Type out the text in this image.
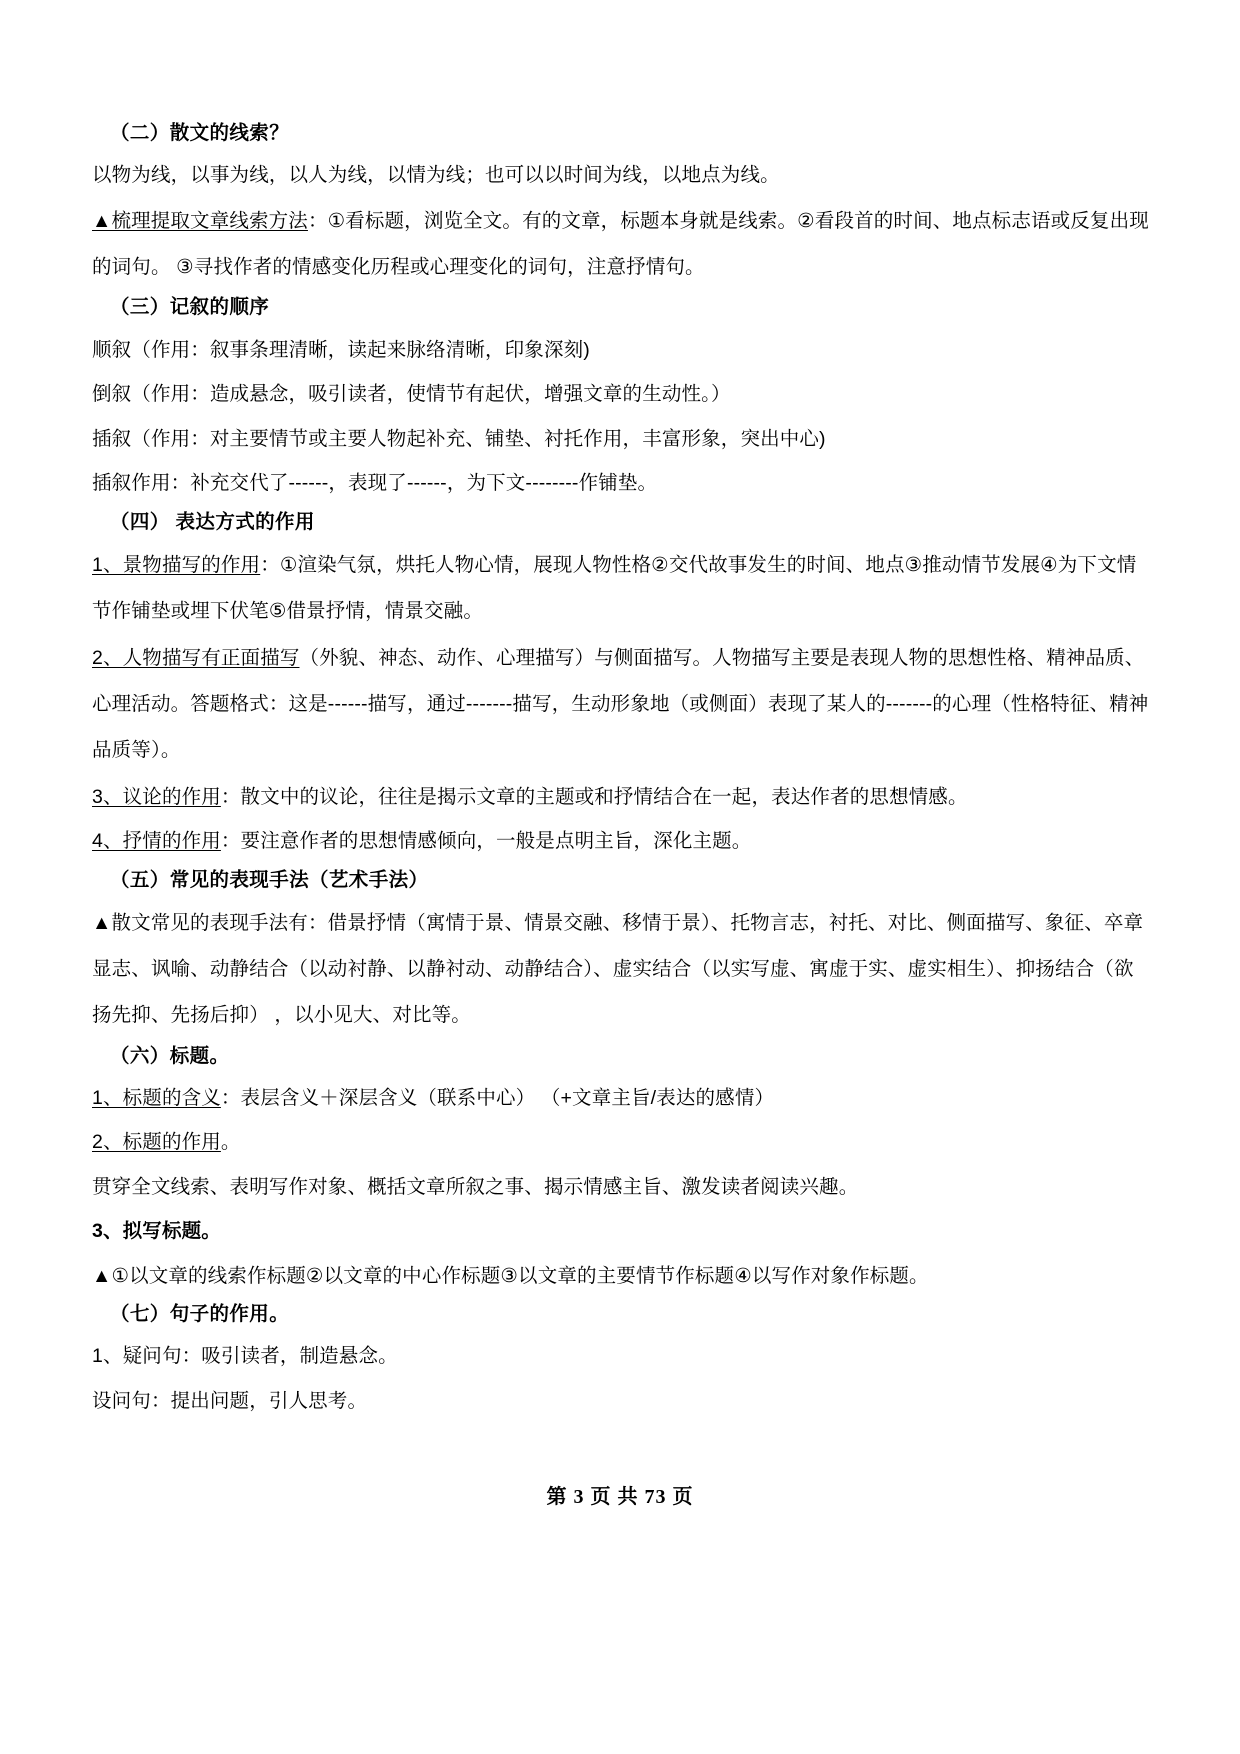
（二）散文的线索？

以物为线，以事为线，以人为线，以情为线；也可以以时间为线，以地点为线。

▲梳理提取文章线索方法：①看标题，浏览全文。有的文章，标题本身就是线索。②看段首的时间、地点标志语或反复出现的词句。 ③寻找作者的情感变化历程或心理变化的词句，注意抒情句。

（三）记叙的顺序

顺叙（作用：叙事条理清晰，读起来脉络清晰，印象深刻)

倒叙（作用：造成悬念，吸引读者，使情节有起伏，增强文章的生动性。）

插叙（作用：对主要情节或主要人物起补充、铺垫、衬托作用，丰富形象，突出中心)

插叙作用：补充交代了------，表现了------，为下文--------作铺垫。

（四） 表达方式的作用

1、景物描写的作用：①渲染气氛，烘托人物心情，展现人物性格②交代故事发生的时间、地点③推动情节发展④为下文情节作铺垫或埋下伏笔⑤借景抒情，情景交融。

2、人物描写有正面描写（外貌、神态、动作、心理描写）与侧面描写。人物描写主要是表现人物的思想性格、精神品质、心理活动。答题格式：这是------描写，通过-------描写，生动形象地（或侧面）表现了某人的-------的心理（性格特征、精神品质等）。

3、议论的作用：散文中的议论，往往是揭示文章的主题或和抒情结合在一起，表达作者的思想情感。

4、抒情的作用：要注意作者的思想情感倾向，一般是点明主旨，深化主题。

（五）常见的表现手法（艺术手法）

▲散文常见的表现手法有：借景抒情（寓情于景、情景交融、移情于景）、托物言志，衬托、对比、侧面描写、象征、卒章显志、讽喻、动静结合（以动衬静、以静衬动、动静结合）、虚实结合（以实写虚、寓虚于实、虚实相生）、抑扬结合（欲扬先抑、先扬后抑） ，以小见大、对比等。

（六）标题。

1、标题的含义：表层含义＋深层含义（联系中心） （+文章主旨/表达的感情）

2、标题的作用。

贯穿全文线索、表明写作对象、概括文章所叙之事、揭示情感主旨、激发读者阅读兴趣。

3、拟写标题。

▲①以文章的线索作标题②以文章的中心作标题③以文章的主要情节作标题④以写作对象作标题。

（七）句子的作用。

1、疑问句：吸引读者，制造悬念。

设问句：提出问题，引人思考。

第 3 页 共 73 页
